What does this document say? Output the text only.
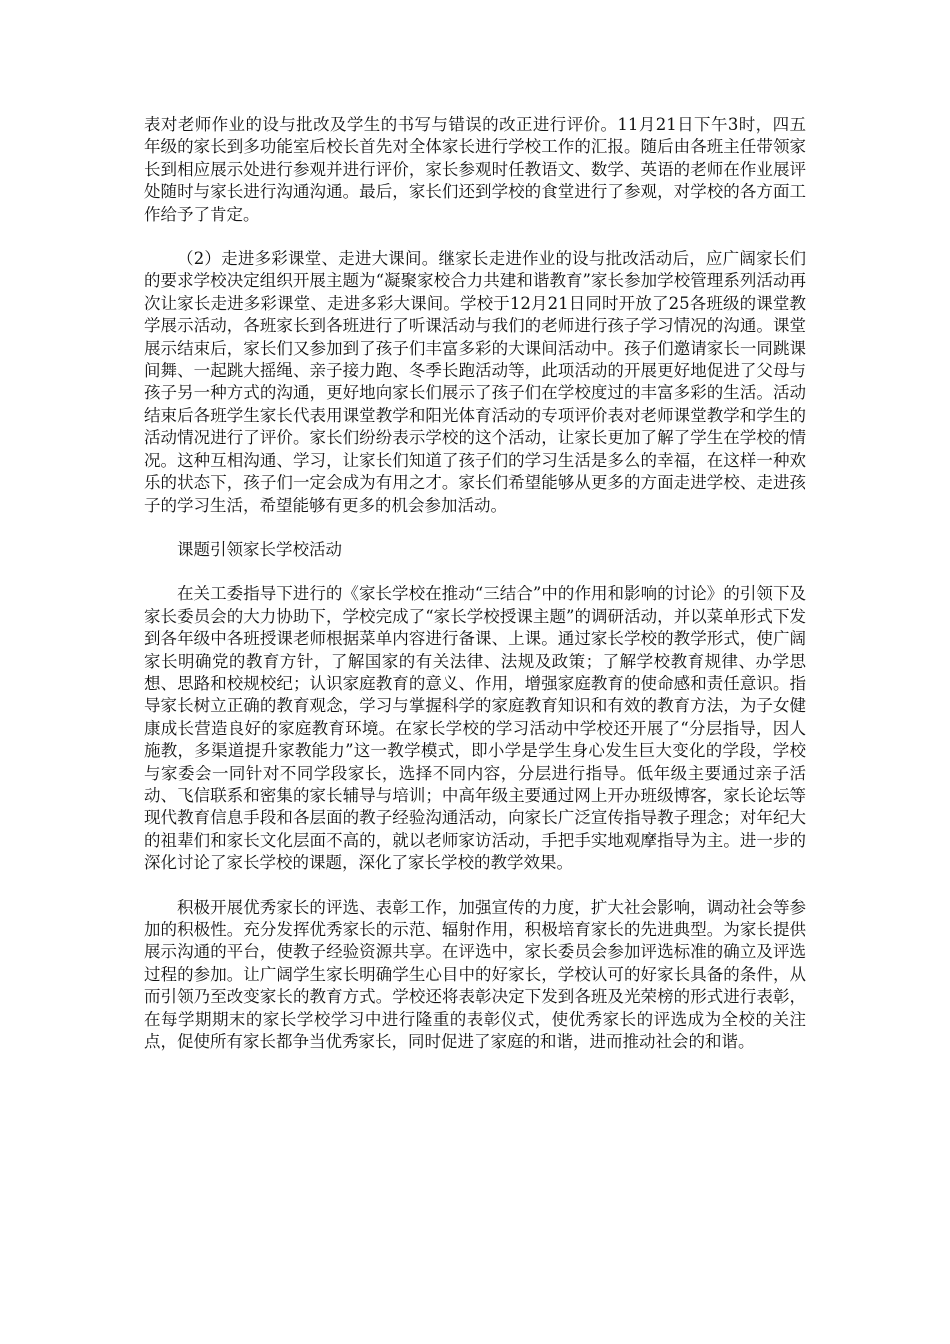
表对老师作业的设与批改及学生的书写与错误的改正进行评价。11月21日下午3时，四五年级的家长到多功能室后校长首先对全体家长进行学校工作的汇报。随后由各班主任带领家长到相应展示处进行参观并进行评价，家长参观时任教语文、数学、英语的老师在作业展评处随时与家长进行沟通沟通。最后，家长们还到学校的食堂进行了参观，对学校的各方面工作给予了肯定。

（2）走进多彩课堂、走进大课间。继家长走进作业的设与批改活动后，应广阔家长们的要求学校决定组织开展主题为“凝聚家校合力共建和谐教育”家长参加学校管理系列活动再次让家长走进多彩课堂、走进多彩大课间。学校于12月21日同时开放了25各班级的课堂教学展示活动，各班家长到各班进行了听课活动与我们的老师进行孩子学习情况的沟通。课堂展示结束后，家长们又参加到了孩子们丰富多彩的大课间活动中。孩子们邀请家长一同跳课间舞、一起跳大摇绳、亲子接力跑、冬季长跑活动等，此项活动的开展更好地促进了父母与孩子另一种方式的沟通，更好地向家长们展示了孩子们在学校度过的丰富多彩的生活。活动结束后各班学生家长代表用课堂教学和阳光体育活动的专项评价表对老师课堂教学和学生的活动情况进行了评价。家长们纷纷表示学校的这个活动，让家长更加了解了学生在学校的情况。这种互相沟通、学习，让家长们知道了孩子们的学习生活是多么的幸福，在这样一种欢乐的状态下，孩子们一定会成为有用之才。家长们希望能够从更多的方面走进学校、走进孩子的学习生活，希望能够有更多的机会参加活动。

课题引领家长学校活动

在关工委指导下进行的《家长学校在推动“三结合”中的作用和影响的讨论》的引领下及家长委员会的大力协助下，学校完成了“家长学校授课主题”的调研活动，并以菜单形式下发到各年级中各班授课老师根据菜单内容进行备课、上课。通过家长学校的教学形式，使广阔家长明确党的教育方针，了解国家的有关法律、法规及政策；了解学校教育规律、办学思想、思路和校规校纪；认识家庭教育的意义、作用，增强家庭教育的使命感和责任意识。指导家长树立正确的教育观念，学习与掌握科学的家庭教育知识和有效的教育方法，为子女健康成长营造良好的家庭教育环境。在家长学校的学习活动中学校还开展了“分层指导，因人施教，多渠道提升家教能力”这一教学模式，即小学是学生身心发生巨大变化的学段，学校与家委会一同针对不同学段家长，选择不同内容，分层进行指导。低年级主要通过亲子活动、飞信联系和密集的家长辅导与培训；中高年级主要通过网上开办班级博客，家长论坛等现代教育信息手段和各层面的教子经验沟通活动，向家长广泛宣传指导教子理念；对年纪大的祖辈们和家长文化层面不高的，就以老师家访活动，手把手实地观摩指导为主。进一步的深化讨论了家长学校的课题，深化了家长学校的教学效果。

积极开展优秀家长的评选、表彰工作，加强宣传的力度，扩大社会影响，调动社会等参加的积极性。充分发挥优秀家长的示范、辐射作用，积极培育家长的先进典型。为家长提供展示沟通的平台，使教子经验资源共享。在评选中，家长委员会参加评选标准的确立及评选过程的参加。让广阔学生家长明确学生心目中的好家长，学校认可的好家长具备的条件，从而引领乃至改变家长的教育方式。学校还将表彰决定下发到各班及光荣榜的形式进行表彰，在每学期期末的家长学校学习中进行隆重的表彰仪式，使优秀家长的评选成为全校的关注点，促使所有家长都争当优秀家长，同时促进了家庭的和谐，进而推动社会的和谐。
